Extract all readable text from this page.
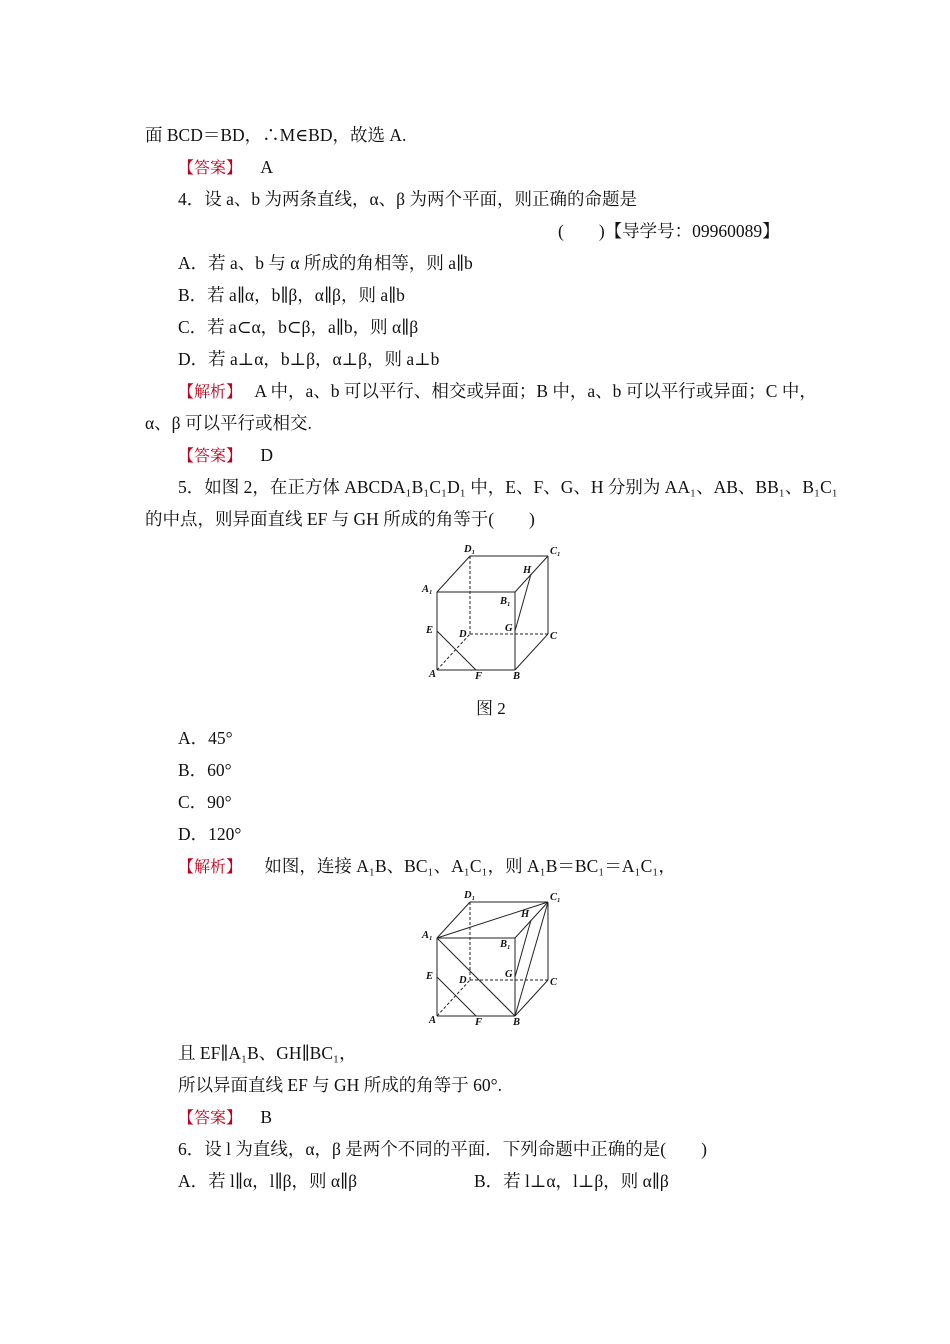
面 BCD＝BD，∴M∈BD，故选 A.
【答案】 A
4．设 a、b 为两条直线，α、β 为两个平面，则正确的命题是
(　　)【导学号：09960089】
A．若 a、b 与 α 所成的角相等，则 a∥b
B．若 a∥α，b∥β，α∥β，则 a∥b
C．若 a⊂α，b⊂β，a∥b，则 α∥β
D．若 a⊥α，b⊥β，α⊥β，则 a⊥b
【解析】 A 中，a、b 可以平行、相交或异面；B 中，a、b 可以平行或异面；C 中，
α、β 可以平行或相交.
【答案】 D
5．如图 2，在正方体 ABCDA₁B₁C₁D₁ 中，E、F、G、H 分别为 AA₁、AB、BB₁、B₁C₁
的中点，则异面直线 EF 与 GH 所成的角等于(　　)
D₁	C₁
H
A₁
B₁
E D
G
C
A	F	B
图 2
A．45°
B．60°
C．90°
D．120°
【解析】 如图，连接 A₁B、BC₁、A₁C₁，则 A₁B＝BC₁＝A₁C₁，
D₁	C₁
H
A₁
B₁
E D
G
C
A	F	B
且 EF∥A₁B、GH∥BC₁，
所以异面直线 EF 与 GH 所成的角等于 60°.
【答案】 B
6．设 l 为直线，α，β 是两个不同的平面．下列命题中正确的是(　　)
A．若 l∥α，l∥β，则 α∥β	B．若 l⊥α，l⊥β，则 α∥β
